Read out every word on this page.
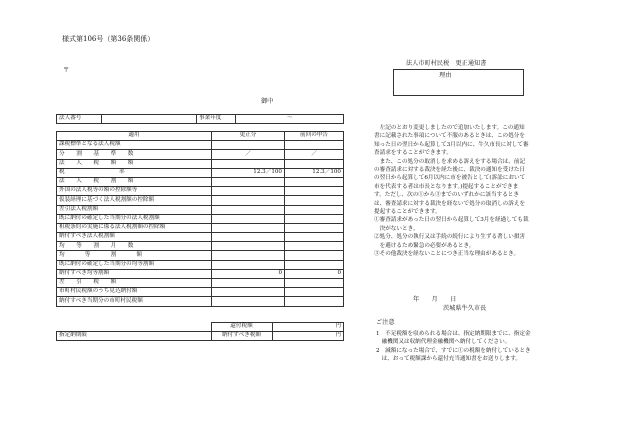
様式第106号（第36条関係）
〒
御中
法人番号		事業年度	～
適用	更正分	前回の申告
課税標準となる法人税額		
分　割　基　準　数	／	／
法　人　税　額　額		
税　　　　　　率	12.3／100	12.3／100
法　人　税　割　額		
外国の法人税等の額の控除額等		
仮装経理に基づく法人税割額の控除額		
差引法人税割額		
既に納付の確定した当期分の法人税割額		
租税条約の実施に係る法人税割額の控除額		
納付すべき法人税割額		
均　等　割　月　数		
均　　等　　割　　額		
既に納付の確定した当期分の均等割額		
納付すべき均等割額	0	0
差　引　税　額		
市町村民税額のうち見込納付額		
納付すべき当期分の市町村民税額		
	還付税額	円
指定納期限	納付すべき税額	円
法人市町村民税　更正通知書
理由
　左記のとおり変更しましたので追加いたします。この通知
書に記載された事項について不服のあるときは、この処分を
知った日の翌日から起算して3月以内に、牛久市長に対して審
査請求をすることができます。
　また、この処分の取消しを求める訴えをする場合は、前記
の審査請求に対する裁決を経た後に、裁決の通知を受けた日
の翌日から起算して6月以内に市を被告として(訴訟において
市を代表する者は市長となります。)提起することができま
す。ただし、次の①から③までのいずれかに該当するとき
は、審査請求に対する裁決を経ないで処分の取消しの訴えを
提起することができます。
①審査請求があった日の翌日から起算して3月を経過しても裁
　決がないとき。
②処分、処分の執行又は手続の続行により生ずる著しい損害
　を避けるため緊急の必要があるとき。
③その他裁決を経ないことにつき正当な理由があるとき。
年　　月　　日
茨城県牛久市長
ご注意
1　不足税額を収められる場合は、指定納期限までに、指定金
　融機関又は収納代理金融機関へ納付してください。
2　減額になった場合で、すでに①の税額を納付しているとき
　は、おって税額課から還付充当通知書をお送りします。
